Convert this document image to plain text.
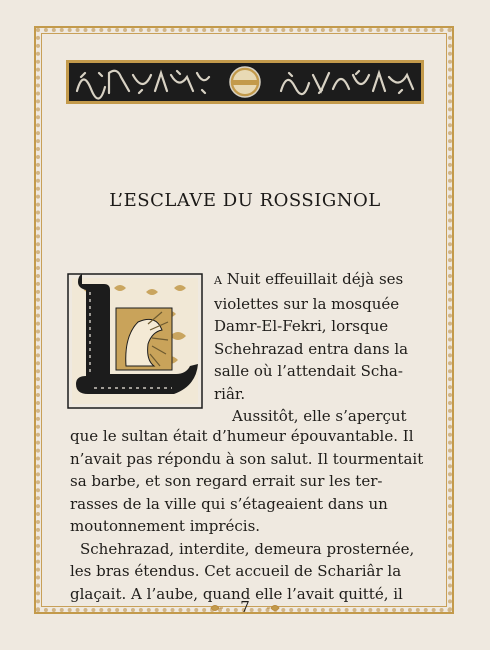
L’ESCLAVE DU ROSSIGNOL
A Nuit effeuillait déjà ses
violettes sur la mosquée
Damr-El-Fekri, lorsque
Schehrazad entra dans la
salle où l’attendait Scha-
riâr.
Aussitôt, elle s’aperçut
que le sultan était d’humeur épouvantable. Il
n’avait pas répondu à son salut. Il tourmentait
sa barbe, et son regard errait sur les ter-
rasses de la ville qui s’étageaient dans un
moutonnement imprécis.
Schehrazad, interdite, demeura prosternée,
les bras étendus. Cet accueil de Schariâr la
glaçait. A l’aube, quand elle l’avait quitté, il
7
